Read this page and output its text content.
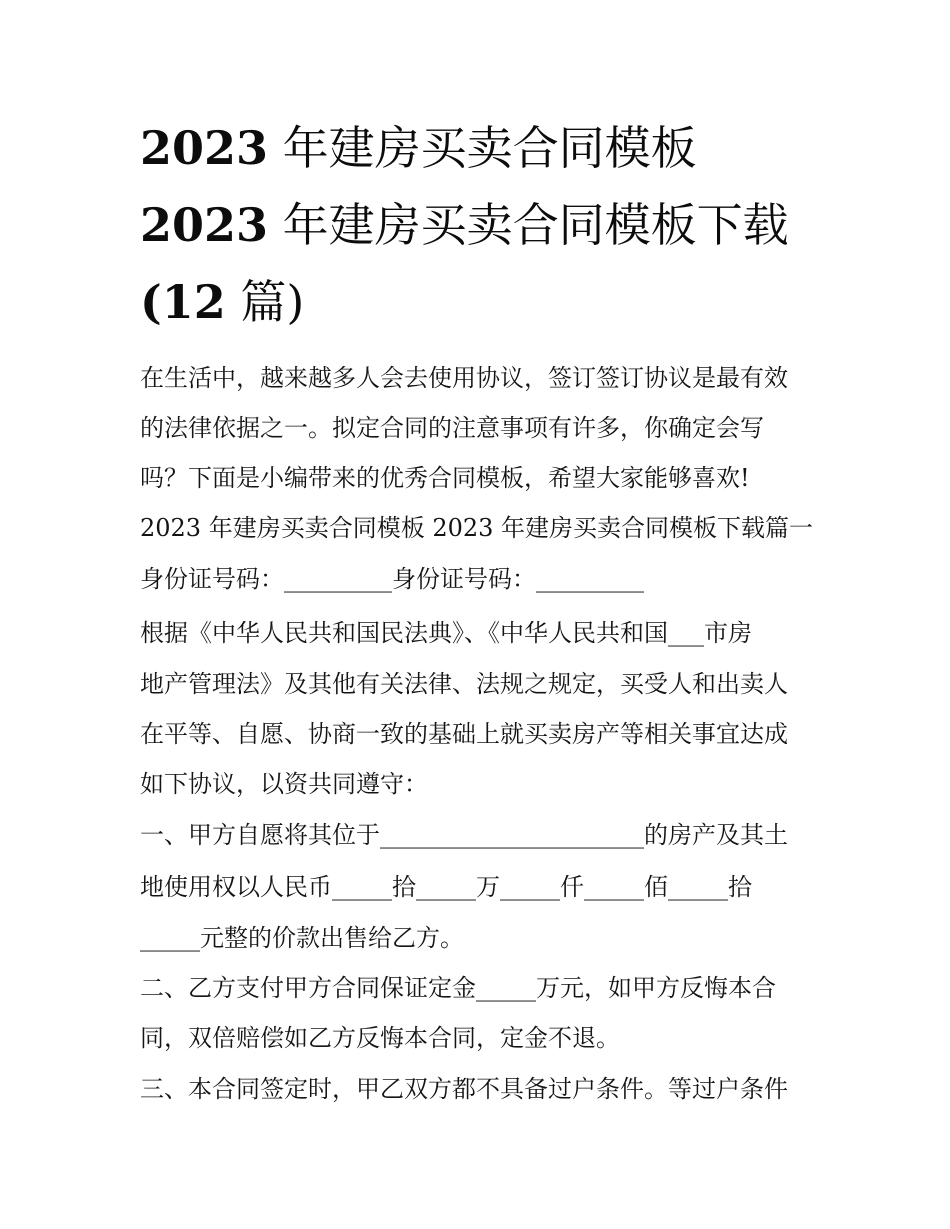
2023 年建房买卖合同模板
2023 年建房买卖合同模板下载
(12 篇)

在生活中，越来越多人会去使用协议，签订签订协议是最有效

的法律依据之一。拟定合同的注意事项有许多，你确定会写

吗？下面是小编带来的优秀合同模板，希望大家能够喜欢!

2023 年建房买卖合同模板 2023 年建房买卖合同模板下载篇一

身份证号码：_________身份证号码：_________

根据《中华人民共和国民法典》、《中华人民共和国___市房

地产管理法》及其他有关法律、法规之规定，买受人和出卖人

在平等、自愿、协商一致的基础上就买卖房产等相关事宜达成

如下协议，以资共同遵守：

一、甲方自愿将其位于______________________的房产及其土

地使用权以人民币_____拾_____万_____仟_____佰_____拾

_____元整的价款出售给乙方。

二、乙方支付甲方合同保证定金_____万元，如甲方反悔本合

同，双倍赔偿如乙方反悔本合同，定金不退。

三、本合同签定时，甲乙双方都不具备过户条件。等过户条件
